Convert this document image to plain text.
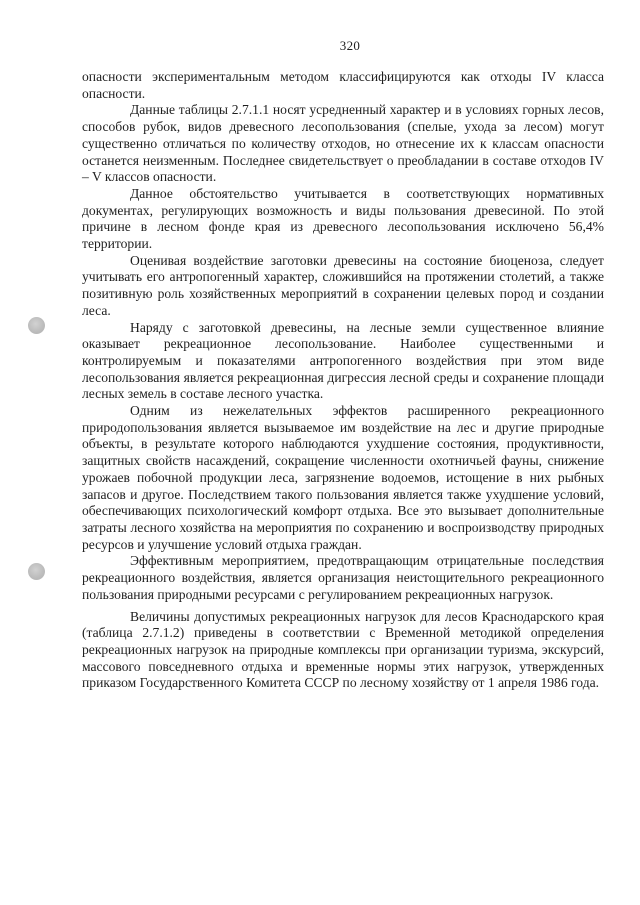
320

опасности экспериментальным методом классифицируются как отходы IV класса опасности.

Данные таблицы 2.7.1.1 носят усредненный характер и в условиях горных лесов, способов рубок, видов древесного лесопользования (спелые, ухода за лесом) могут существенно отличаться по количеству отходов, но отнесение их к классам опасности останется неизменным. Последнее свидетельствует о преобладании в составе отходов IV – V классов опасности.

Данное обстоятельство учитывается в соответствующих нормативных документах, регулирующих возможность и виды пользования древесиной. По этой причине в лесном фонде края из древесного лесопользования исключено 56,4% территории.

Оценивая воздействие заготовки древесины на состояние биоценоза, следует учитывать его антропогенный характер, сложившийся на протяжении столетий, а также позитивную роль хозяйственных мероприятий в сохранении целевых пород и создании леса.

Наряду с заготовкой древесины, на лесные земли существенное влияние оказывает рекреационное лесопользование. Наиболее существенными и контролируемым и показателями антропогенного воздействия при этом виде лесопользования является рекреационная дигрессия лесной среды и сохранение площади лесных земель в составе лесного участка.

Одним из нежелательных эффектов расширенного рекреационного природопользования является вызываемое им воздействие на лес и другие природные объекты, в результате которого наблюдаются ухудшение состояния, продуктивности, защитных свойств насаждений, сокращение численности охотничьей фауны, снижение урожаев побочной продукции леса, загрязнение водоемов, истощение в них рыбных запасов и другое. Последствием такого пользования является также ухудшение условий, обеспечивающих психологический комфорт отдыха. Все это вызывает дополнительные затраты лесного хозяйства на мероприятия по сохранению и воспроизводству природных ресурсов и улучшение условий отдыха граждан.

Эффективным мероприятием, предотвращающим отрицательные последствия рекреационного воздействия, является организация неистощительного рекреационного пользования природными ресурсами с регулированием рекреационных нагрузок.

Величины допустимых рекреационных нагрузок для лесов Краснодарского края (таблица 2.7.1.2) приведены в соответствии с Временной методикой определения рекреационных нагрузок на природные комплексы при организации туризма, экскурсий, массового повседневного отдыха и временные нормы этих нагрузок, утвержденных приказом Государственного Комитета СССР по лесному хозяйству от 1 апреля 1986 года.
